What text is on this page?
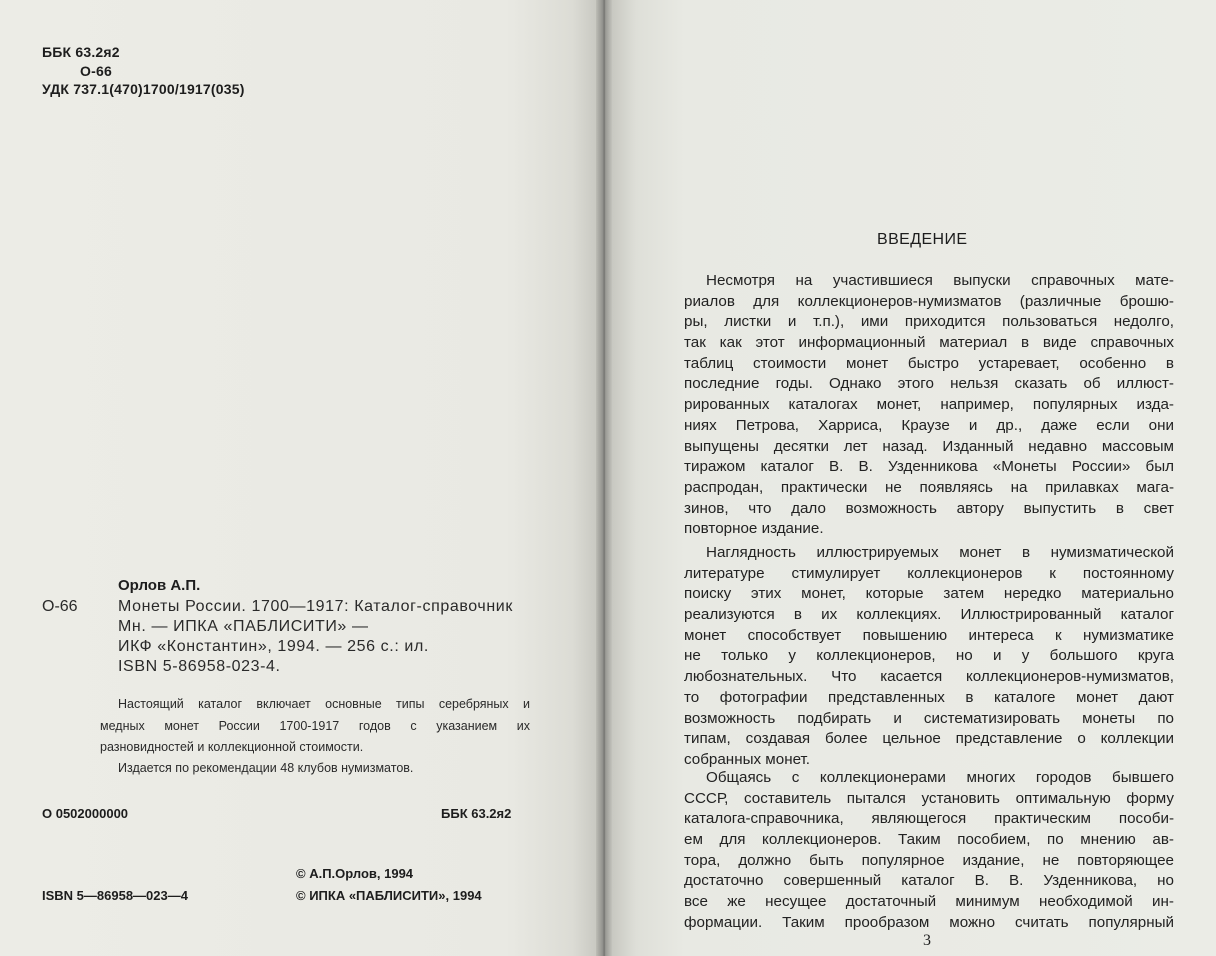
ББК 63.2я2
О-66
УДК 737.1(470)1700/1917(035)
Орлов А.П.
О-66	Монеты России. 1700—1917: Каталог-справочник
Мн. — ИПКА «ПАБЛИСИТИ» —
ИКФ «Константин», 1994. — 256 с.: ил.
ISBN 5-86958-023-4.
Настоящий каталог включает основные типы серебряных и
медных монет России 1700-1917 годов с указанием их
разновидностей и коллекционной стоимости.
Издается по рекомендации 48 клубов нумизматов.
О 0502000000	ББК 63.2я2
© А.П.Орлов, 1994
© ИПКА «ПАБЛИСИТИ», 1994
ISBN 5—86958—023—4
ВВЕДЕНИЕ
Несмотря на участившиеся выпуски справочных мате-
риалов для коллекционеров-нумизматов (различные брошю-
ры, листки и т.п.), ими приходится пользоваться недолго,
так как этот информационный материал в виде справочных
таблиц стоимости монет быстро устаревает, особенно в
последние годы. Однако этого нельзя сказать об иллюст-
рированных каталогах монет, например, популярных изда-
ниях Петрова, Харриса, Краузе и др., даже если они
выпущены десятки лет назад. Изданный недавно массовым
тиражом каталог В. В. Узденникова «Монеты России» был
распродан, практически не появляясь на прилавках мага-
зинов, что дало возможность автору выпустить в свет
повторное издание.
Наглядность иллюстрируемых монет в нумизматической
литературе стимулирует коллекционеров к постоянному
поиску этих монет, которые затем нередко материально
реализуются в их коллекциях. Иллюстрированный каталог
монет способствует повышению интереса к нумизматике
не только у коллекционеров, но и у большого круга
любознательных. Что касается коллекционеров-нумизматов,
то фотографии представленных в каталоге монет дают
возможность подбирать и систематизировать монеты по
типам, создавая более цельное представление о коллекции
собранных монет.
Общаясь с коллекционерами многих городов бывшего
СССР, составитель пытался установить оптимальную форму
каталога-справочника, являющегося практическим пособи-
ем для коллекционеров. Таким пособием, по мнению ав-
тора, должно быть популярное издание, не повторяющее
достаточно совершенный каталог В. В. Узденникова, но
все же несущее достаточный минимум необходимой ин-
формации. Таким прообразом можно считать популярный
3
